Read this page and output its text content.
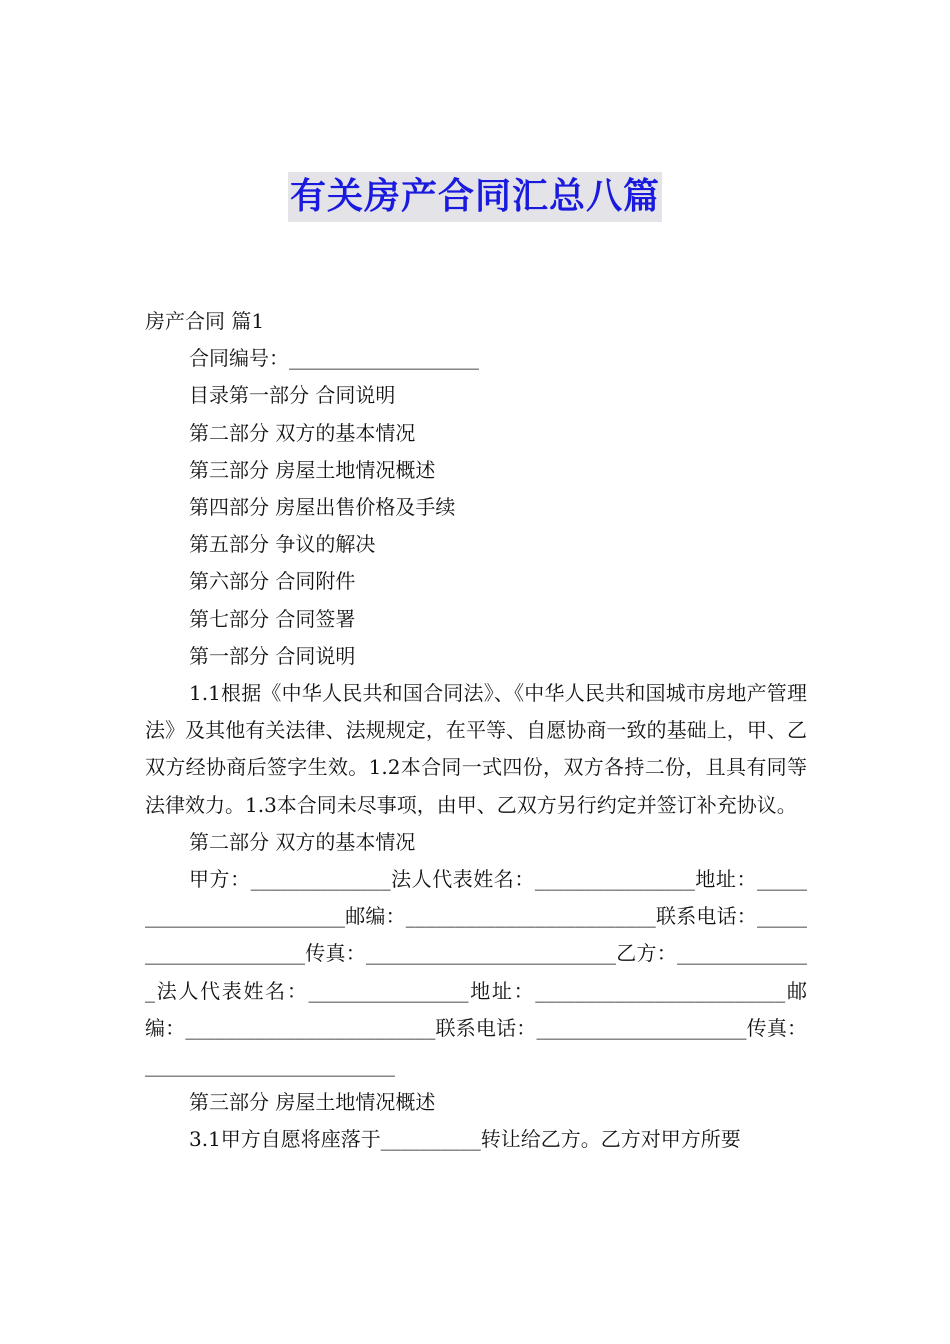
有关房产合同汇总八篇
房产合同 篇1
合同编号：___________________
目录第一部分 合同说明
第二部分 双方的基本情况
第三部分 房屋土地情况概述
第四部分 房屋出售价格及手续
第五部分 争议的解决
第六部分 合同附件
第七部分 合同签署
第一部分 合同说明
1.1根据《中华人民共和国合同法》、《中华人民共和国城市房地产管理法》及其他有关法律、法规规定，在平等、自愿协商一致的基础上，甲、乙双方经协商后签字生效。1.2本合同一式四份，双方各持二份，且具有同等法律效力。1.3本合同未尽事项，由甲、乙双方另行约定并签订补充协议。
第二部分 双方的基本情况
甲方：______________法人代表姓名：________________地址：_________________________邮编：_________________________联系电话：_____________________传真：_________________________乙方：______________法人代表姓名：________________地址：_________________________邮编：_________________________联系电话：_____________________传真：_________________________
第三部分 房屋土地情况概述
3.1甲方自愿将座落于__________转让给乙方。乙方对甲方所要
